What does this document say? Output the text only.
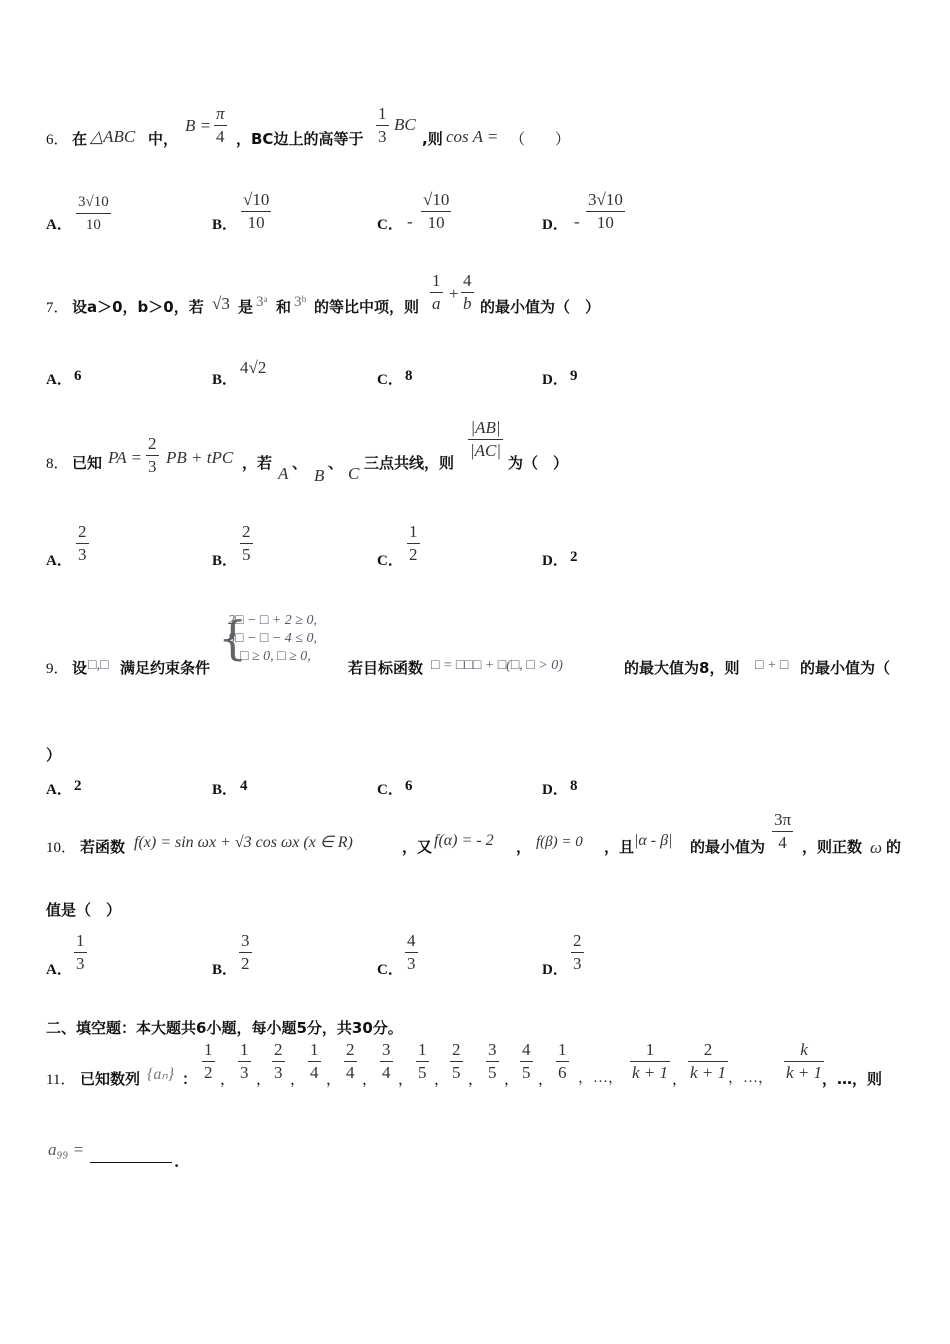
6． 在 △ABC 中，
B =
π
4 ，BC边上的高等于
1
3
BC
,则 cos A = （　　）
A．
3√10
10	B．
√10
10	C． -
√10
10	D． -
3√10
10
7． 设a＞0，b＞0，若 √3 是 3ᵃ 和 3ᵇ 的等比中项，则
1
a
+
4
b 的最小值为（　）
A． 6	B．
4√2
C． 8	D． 9
8． 已知 PA =
2
3 PB + tPC ，若
A
、
B
、
C
三点共线，则
|AB|
|AC|
为（　）
A．
2
3	B．
2
5	C．
1
2	D． 2
9． 设 □,□ 满足约束条件
{
2□ − □ + 2 ≥ 0,
8□ − □ − 4 ≤ 0,
□ ≥ 0, □ ≥ 0,
若目标函数 □ = □□□ + □(□, □ > 0)	的最大值为8，则 □ + □ 的最小值为（
）
A． 2	B． 4	C． 6	D． 8
10． 若函数 f(x) = sin ωx + √3 cos ωx (x ∈ R)	，又 f(α) = - 2 ， f(β) = 0 ，且 |α - β| 的最小值为
3π
4	，则正数 ω 的
值是（　）
A．
1
3	B．
3
2	C．
4
3	D．
2
3
二、填空题：本大题共6小题，每小题5分，共30分。
11． 已知数列 {aₙ} ：
1
2 ，
1
3 ，
2
3 ，
1
4 ，
2
4 ，
3
4 ，
1
5 ，
2
5 ，
3
5 ，
4
5 ，
1
6 ，…，
1
k + 1 ，
2
k + 1 ，…，
k
k + 1 ，…，则
a₉₉ =
.
